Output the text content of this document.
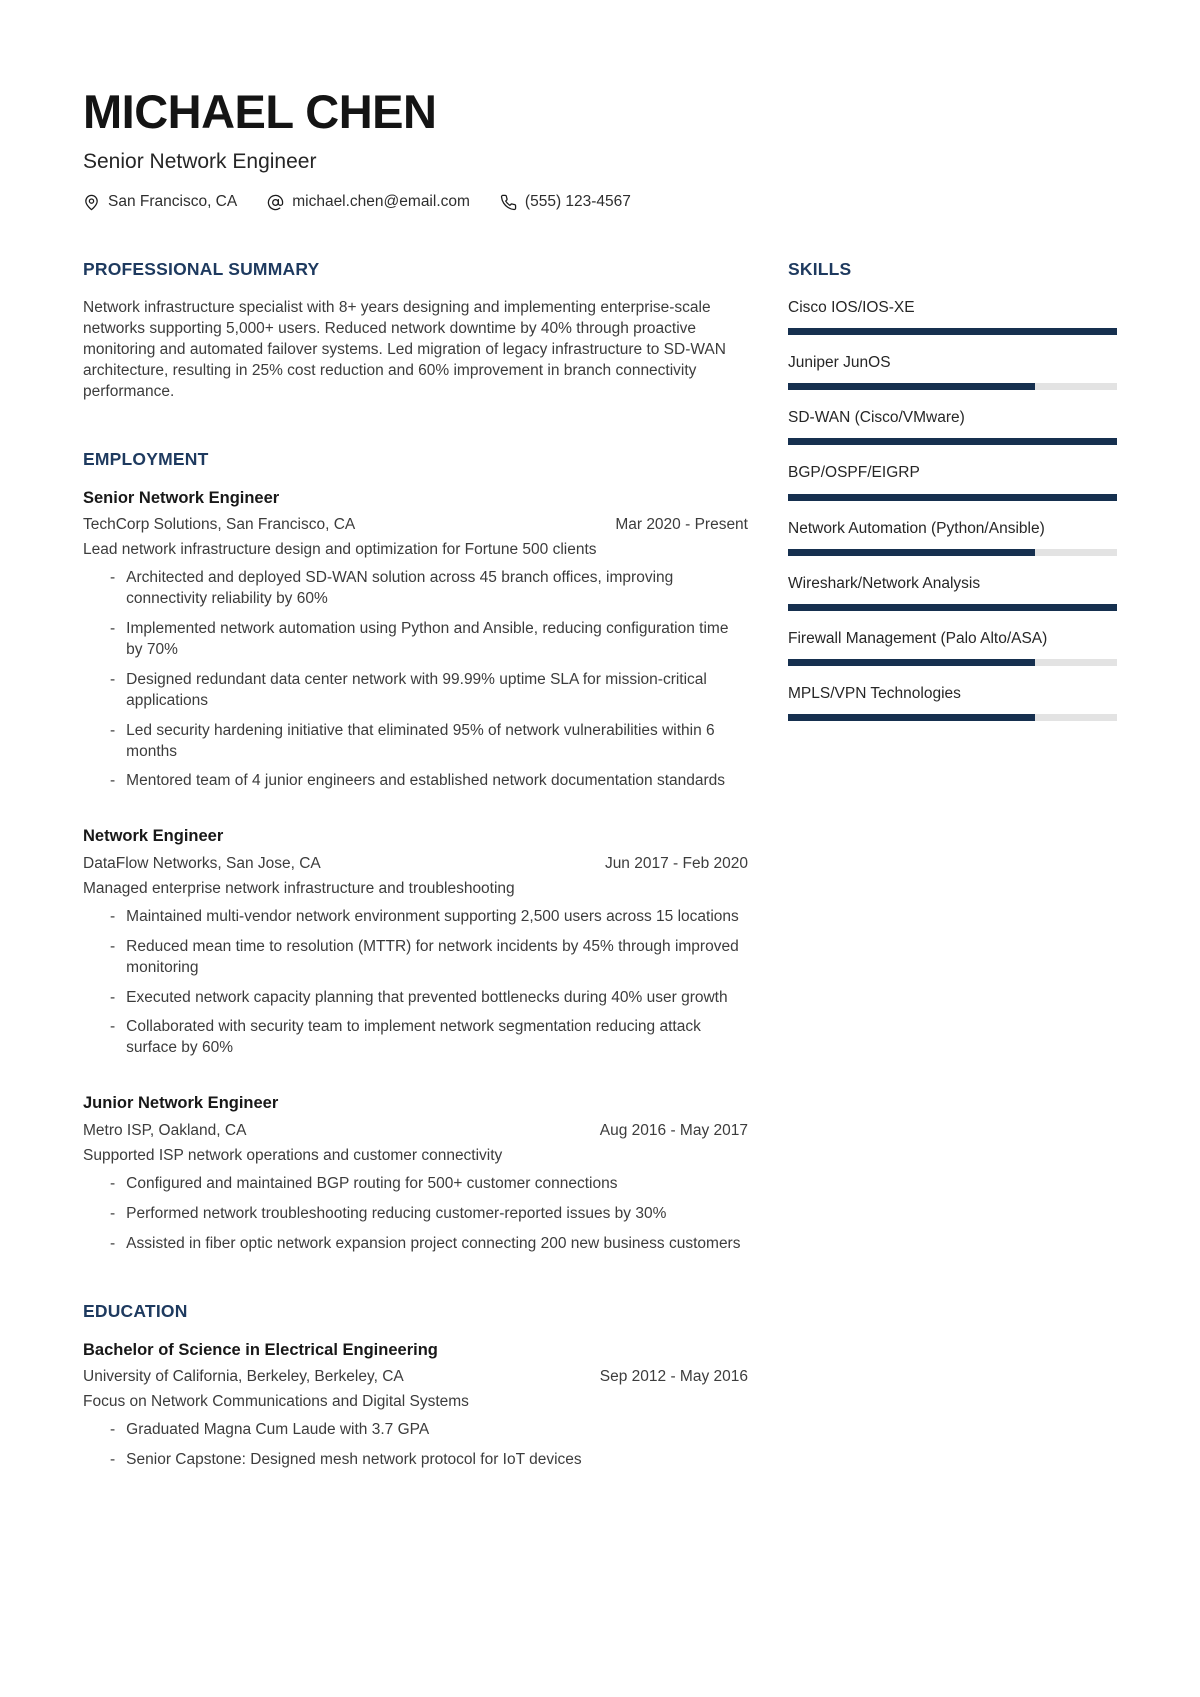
MICHAEL CHEN
Senior Network Engineer
San Francisco, CA	michael.chen@email.com	(555) 123-4567
PROFESSIONAL SUMMARY

Network infrastructure specialist with 8+ years designing and implementing enterprise-scale networks supporting 5,000+ users. Reduced network downtime by 40% through proactive monitoring and automated failover systems. Led migration of legacy infrastructure to SD-WAN architecture, resulting in 25% cost reduction and 60% improvement in branch connectivity performance.

EMPLOYMENT
Senior Network Engineer
TechCorp Solutions, San Francisco, CA	Mar 2020 - Present
Lead network infrastructure design and optimization for Fortune 500 clients
- Architected and deployed SD-WAN solution across 45 branch offices, improving connectivity reliability by 60%
- Implemented network automation using Python and Ansible, reducing configuration time by 70%
- Designed redundant data center network with 99.99% uptime SLA for mission-critical applications
- Led security hardening initiative that eliminated 95% of network vulnerabilities within 6 months
- Mentored team of 4 junior engineers and established network documentation standards
Network Engineer
DataFlow Networks, San Jose, CA	Jun 2017 - Feb 2020
Managed enterprise network infrastructure and troubleshooting
- Maintained multi-vendor network environment supporting 2,500 users across 15 locations
- Reduced mean time to resolution (MTTR) for network incidents by 45% through improved monitoring
- Executed network capacity planning that prevented bottlenecks during 40% user growth
- Collaborated with security team to implement network segmentation reducing attack surface by 60%
Junior Network Engineer
Metro ISP, Oakland, CA	Aug 2016 - May 2017
Supported ISP network operations and customer connectivity
- Configured and maintained BGP routing for 500+ customer connections
- Performed network troubleshooting reducing customer-reported issues by 30%
- Assisted in fiber optic network expansion project connecting 200 new business customers
EDUCATION
Bachelor of Science in Electrical Engineering
University of California, Berkeley, Berkeley, CA	Sep 2012 - May 2016
Focus on Network Communications and Digital Systems
- Graduated Magna Cum Laude with 3.7 GPA
- Senior Capstone: Designed mesh network protocol for IoT devices
SKILLS
Cisco IOS/IOS-XE
Juniper JunOS
SD-WAN (Cisco/VMware)
BGP/OSPF/EIGRP
Network Automation (Python/Ansible)
Wireshark/Network Analysis
Firewall Management (Palo Alto/ASA)
MPLS/VPN Technologies
